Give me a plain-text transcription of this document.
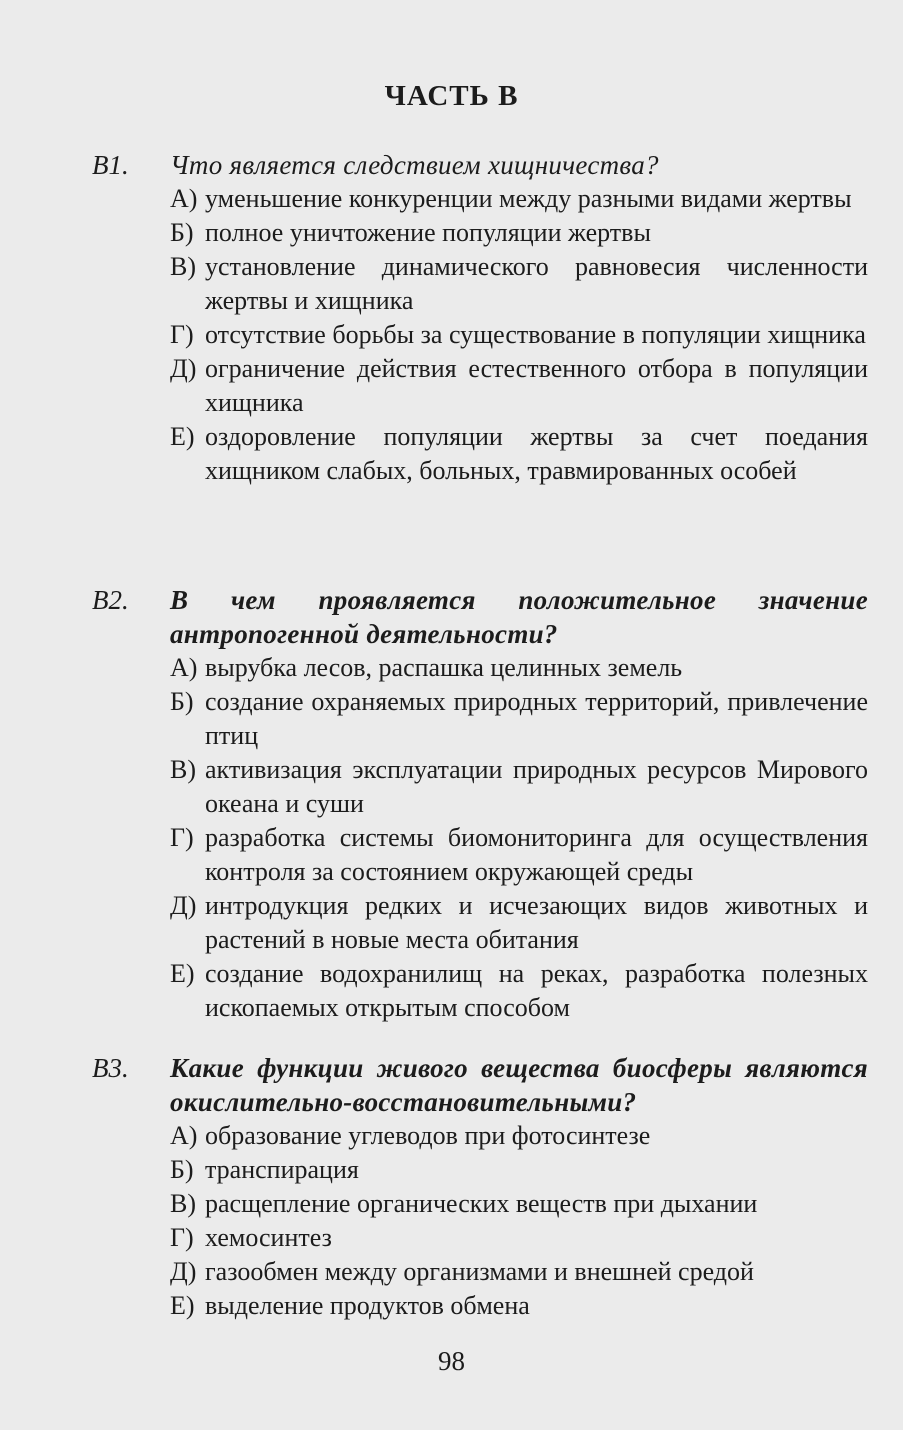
ЧАСТЬ В
В1. Что является следствием хищничества?
А) уменьшение конкуренции между разными видами жертвы
Б) полное уничтожение популяции жертвы
В) установление динамического равновесия численности жертвы и хищника
Г) отсутствие борьбы за существование в популяции хищника
Д) ограничение действия естественного отбора в популяции хищника
Е) оздоровление популяции жертвы за счет поедания хищником слабых, больных, травмированных особей
В2. В чем проявляется положительное значение антропогенной деятельности?
А) вырубка лесов, распашка целинных земель
Б) создание охраняемых природных территорий, привлечение птиц
В) активизация эксплуатации природных ресурсов Мирового океана и суши
Г) разработка системы биомониторинга для осуществления контроля за состоянием окружающей среды
Д) интродукция редких и исчезающих видов животных и растений в новые места обитания
Е) создание водохранилищ на реках, разработка полезных ископаемых открытым способом
В3. Какие функции живого вещества биосферы являются окислительно-восстановительными?
А) образование углеводов при фотосинтезе
Б) транспирация
В) расщепление органических веществ при дыхании
Г) хемосинтез
Д) газообмен между организмами и внешней средой
Е) выделение продуктов обмена
98
